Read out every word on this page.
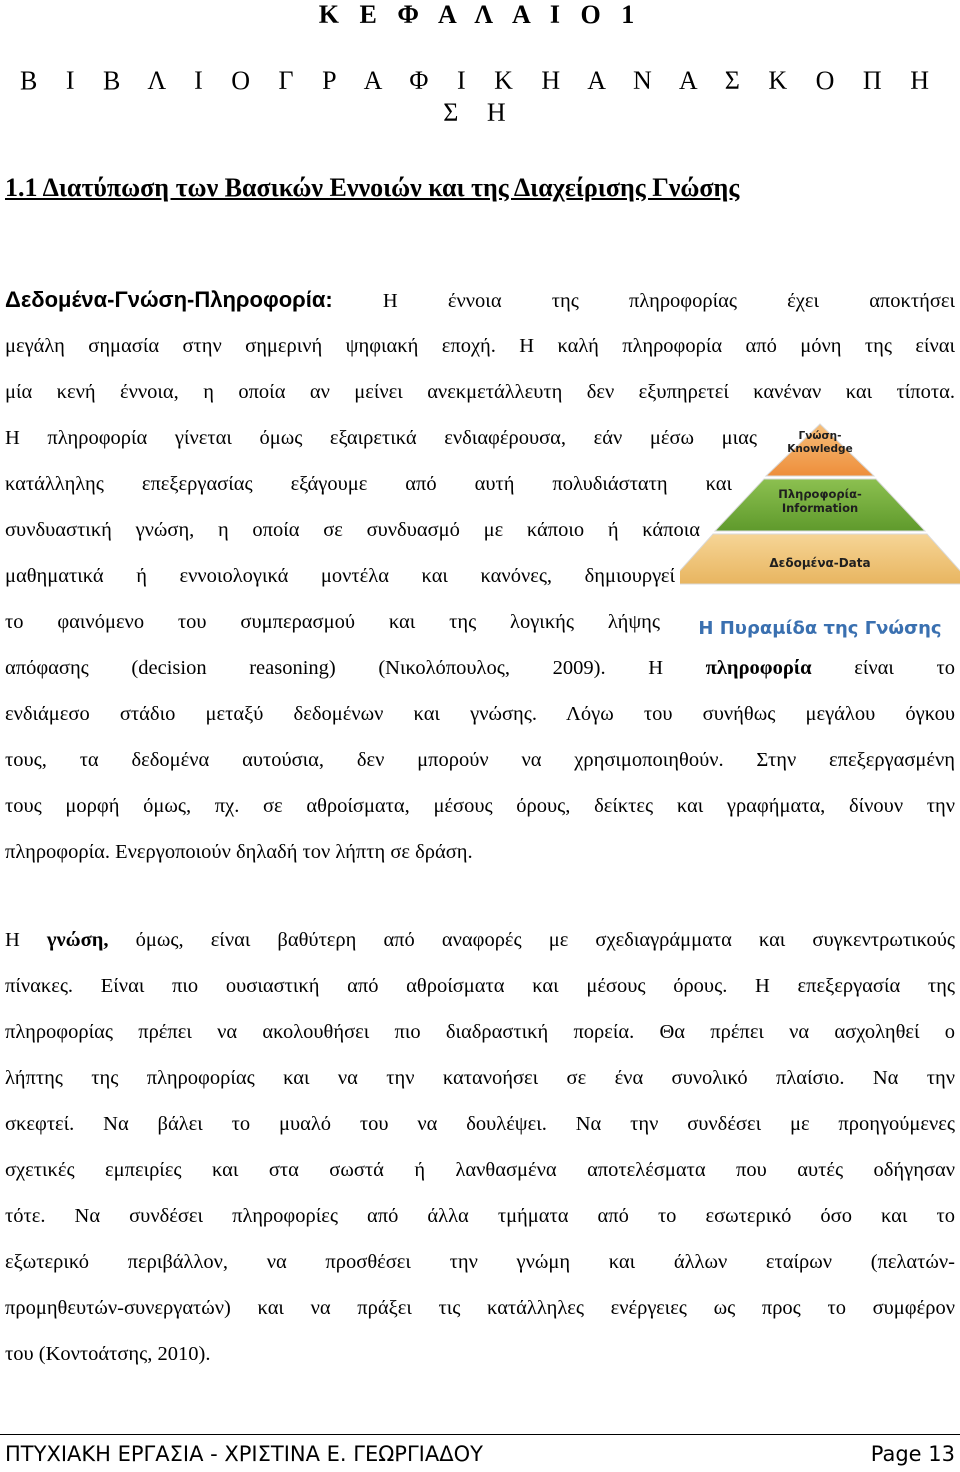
Κ Ε Φ Α Λ Α Ι Ο 1
Β Ι Β Λ Ι Ο Γ Ρ Α Φ Ι Κ Η Α Ν Α Σ Κ Ο Π Η Σ Η
1.1 Διατύπωση των Βασικών Εννοιών και της Διαχείρισης Γνώσης
Δεδομένα-Γνώση-Πληροφορία: Η έννοια της πληροφορίας έχει αποκτήσει
μεγάλη σημασία στην σημερινή ψηφιακή εποχή. Η καλή πληροφορία από μόνη της είναι
μία κενή έννοια, η οποία αν μείνει ανεκμετάλλευτη δεν εξυπηρετεί κανέναν και τίποτα.
Η πληροφορία γίνεται όμως εξαιρετικά ενδιαφέρουσα, εάν μέσω μιας
κατάλληλης επεξεργασίας εξάγουμε από αυτή πολυδιάστατη και
συνδυαστική γνώση, η οποία σε συνδυασμό με κάποιο ή κάποια
μαθηματικά ή εννοιολογικά μοντέλα και κανόνες, δημιουργεί
το φαινόμενο του συμπερασμού και της λογικής λήψης
απόφασης (decision reasoning) (Νικολόπουλος, 2009). Η πληροφορία είναι το
ενδιάμεσο στάδιο μεταξύ δεδομένων και γνώσης. Λόγω του συνήθως μεγάλου όγκου
τους, τα δεδομένα αυτούσια, δεν μπορούν να χρησιμοποιηθούν. Στην επεξεργασμένη
τους μορφή όμως, πχ. σε αθροίσματα, μέσους όρους, δείκτες και γραφήματα, δίνουν την
πληροφορία. Ενεργοποιούν δηλαδή τον λήπτη σε δράση.
Γνώση-
Knowledge
Πληροφορία-
Information
Δεδομένα-Data
Η Πυραμίδα της Γνώσης
Η γνώση, όμως, είναι βαθύτερη από αναφορές με σχεδιαγράμματα και συγκεντρωτικούς
πίνακες. Είναι πιο ουσιαστική από αθροίσματα και μέσους όρους. Η επεξεργασία της
πληροφορίας πρέπει να ακολουθήσει πιο διαδραστική πορεία. Θα πρέπει να ασχοληθεί ο
λήπτης της πληροφορίας και να την κατανοήσει σε ένα συνολικό πλαίσιο. Να την
σκεφτεί. Να βάλει το μυαλό του να δουλέψει. Να την συνδέσει με προηγούμενες
σχετικές εμπειρίες και στα σωστά ή λανθασμένα αποτελέσματα που αυτές οδήγησαν
τότε. Να συνδέσει πληροφορίες από άλλα τμήματα από το εσωτερικό όσο και το
εξωτερικό περιβάλλον, να προσθέσει την γνώμη και άλλων εταίρων (πελατών-
προμηθευτών-συνεργατών) και να πράξει τις κατάλληλες ενέργειες ως προς το συμφέρον
του (Κοντοάτσης, 2010).
ΠΤΥΧΙΑΚΗ ΕΡΓΑΣΙΑ - ΧΡΙΣΤΙΝΑ Ε. ΓΕΩΡΓΙΑΔΟΥ	Page 13
